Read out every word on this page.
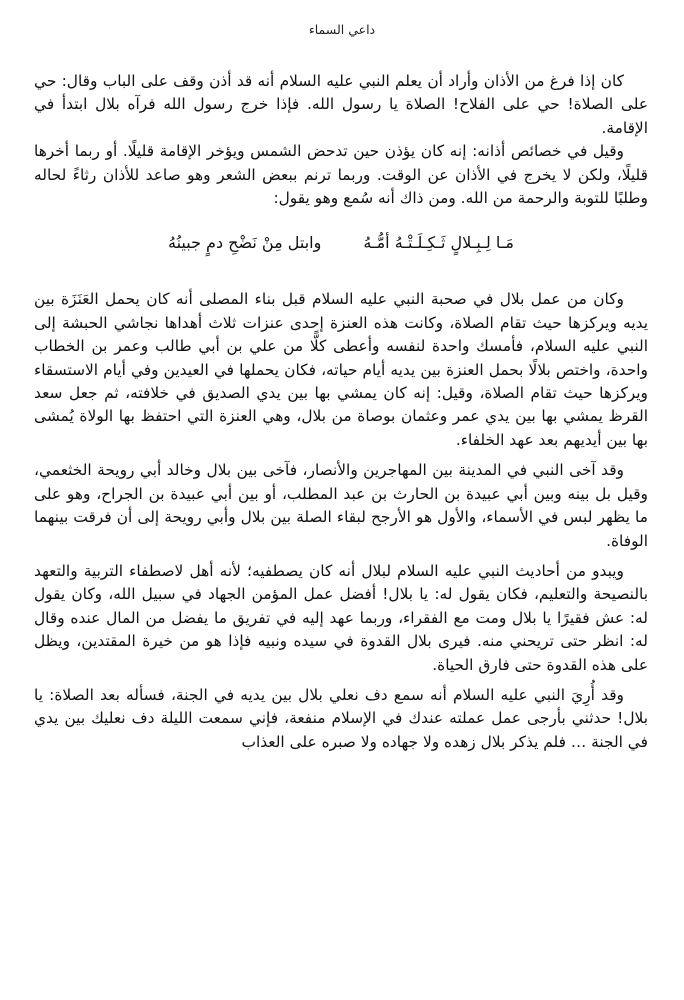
داعي السماء

كان إذا فرغ من الأذان وأراد أن يعلم النبي عليه السلام أنه قد أذن وقف على الباب وقال: حي على الصلاة! حي على الفلاح! الصلاة يا رسول الله. فإذا خرج رسول الله فرآه بلال ابتدأ في الإقامة.

وقيل في خصائص أذانه: إنه كان يؤذن حين تدحض الشمس ويؤخر الإقامة قليلًا. أو ربما أخرها قليلًا، ولكن لا يخرج في الأذان عن الوقت. وربما ترنم ببعض الشعر وهو صاعد للأذان رثاءً لحاله وطلبًا للتوبة والرحمة من الله. ومن ذاك أنه سُمع وهو يقول:

مَـا لِـبِـلالٍ ثَـكِـلَـتْـهُ أمُّـهُ
وابتل مِنْ نَضْحِ دمٍ جبينُهُ

وكان من عمل بلال في صحبة النبي عليه السلام قبل بناء المصلى أنه كان يحمل العَنَزَة بين يديه ويركزها حيث تقام الصلاة، وكانت هذه العنزة إحدى عنزات ثلاث أهداها نجاشي الحبشة إلى النبي عليه السلام، فأمسك واحدة لنفسه وأعطى كلًّا من علي بن أبي طالب وعمر بن الخطاب واحدة، واختص بلالًا بحمل العنزة بين يديه أيام حياته، فكان يحملها في العيدين وفي أيام الاستسقاء ويركزها حيث تقام الصلاة، وقيل: إنه كان يمشي بها بين يدي الصديق في خلافته، ثم جعل سعد القرظ يمشي بها بين يدي عمر وعثمان بوصاة من بلال، وهي العنزة التي احتفظ بها الولاة يُمشى بها بين أيديهم بعد عهد الخلفاء.

وقد آخى النبي في المدينة بين المهاجرين والأنصار، فآخى بين بلال وخالد أبي رويحة الخثعمي، وقيل بل بينه وبين أبي عبيدة بن الحارث بن عبد المطلب، أو بين أبي عبيدة بن الجراح، وهو على ما يظهر لبس في الأسماء، والأول هو الأرجح لبقاء الصلة بين بلال وأبي رويحة إلى أن فرقت بينهما الوفاة.

ويبدو من أحاديث النبي عليه السلام لبلال أنه كان يصطفيه؛ لأنه أهل لاصطفاء التربية والتعهد بالنصيحة والتعليم، فكان يقول له: يا بلال! أفضل عمل المؤمن الجهاد في سبيل الله، وكان يقول له: عش فقيرًا يا بلال ومت مع الفقراء، وربما عهد إليه في تفريق ما يفضل من المال عنده وقال له: انظر حتى تريحني منه. فيرى بلال القدوة في سيده ونبيه فإذا هو من خيرة المقتدين، ويظل على هذه القدوة حتى فارق الحياة.

وقد أُرِيَ النبي عليه السلام أنه سمع دف نعلي بلال بين يديه في الجنة، فسأله بعد الصلاة: يا بلال! حدثني بأرجى عمل عملته عندك في الإسلام منفعة، فإني سمعت الليلة دف نعليك بين يدي في الجنة … فلم يذكر بلال زهده ولا جهاده ولا صبره على العذاب
